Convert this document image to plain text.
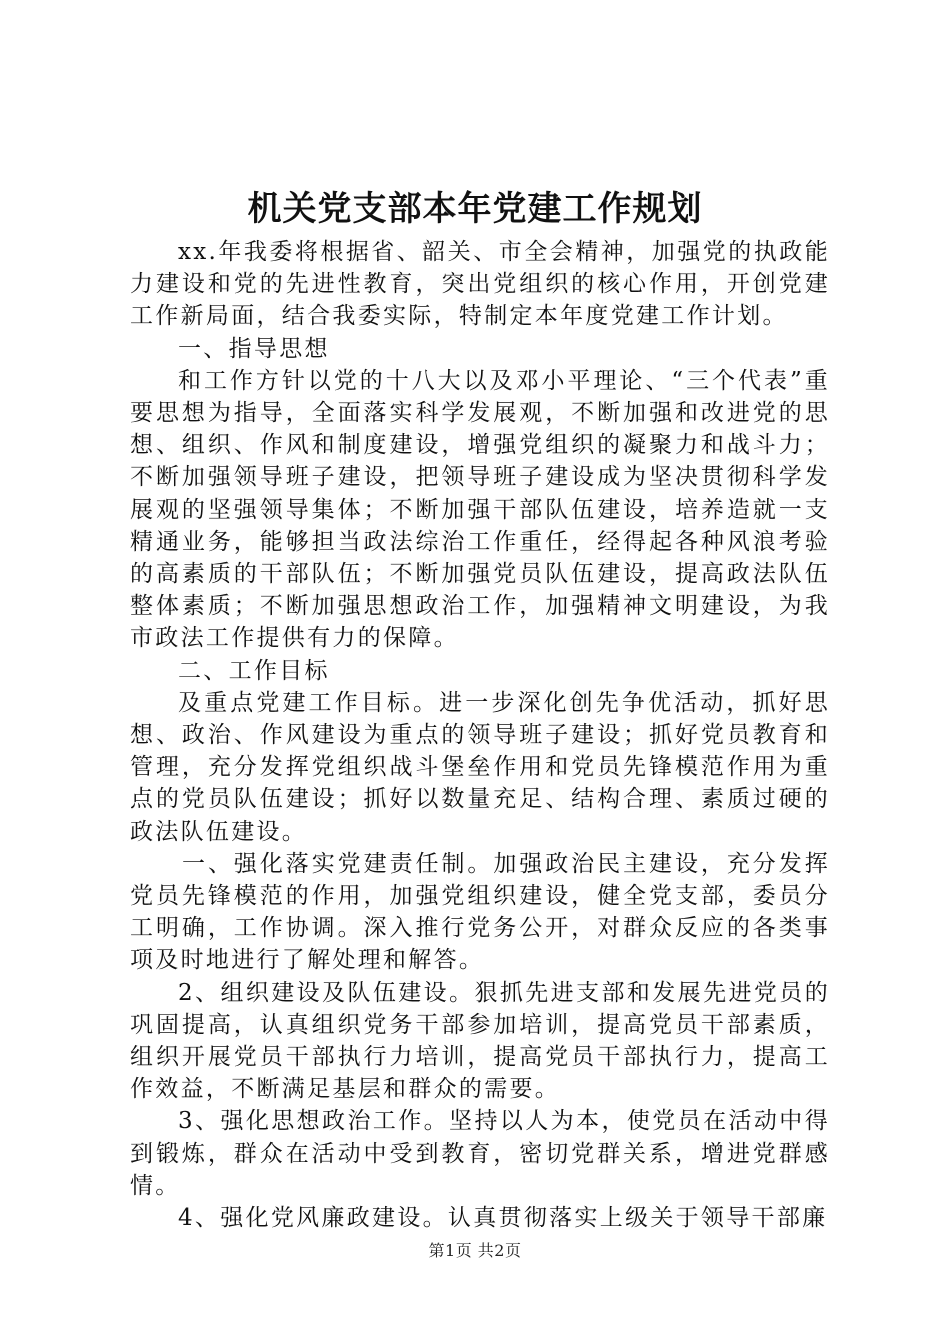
机关党支部本年党建工作规划

xx.年我委将根据省、韶关、市全会精神，加强党的执政能力建设和党的先进性教育，突出党组织的核心作用，开创党建工作新局面，结合我委实际，特制定本年度党建工作计划。

一、指导思想

和工作方针以党的十八大以及邓小平理论、“三个代表”重要思想为指导，全面落实科学发展观，不断加强和改进党的思想、组织、作风和制度建设，增强党组织的凝聚力和战斗力；不断加强领导班子建设，把领导班子建设成为坚决贯彻科学发展观的坚强领导集体；不断加强干部队伍建设，培养造就一支精通业务，能够担当政法综治工作重任，经得起各种风浪考验的高素质的干部队伍；不断加强党员队伍建设，提高政法队伍整体素质；不断加强思想政治工作，加强精神文明建设，为我市政法工作提供有力的保障。

二、工作目标

及重点党建工作目标。进一步深化创先争优活动，抓好思想、政治、作风建设为重点的领导班子建设；抓好党员教育和管理，充分发挥党组织战斗堡垒作用和党员先锋模范作用为重点的党员队伍建设；抓好以数量充足、结构合理、素质过硬的政法队伍建设。

一、强化落实党建责任制。加强政治民主建设，充分发挥党员先锋模范的作用，加强党组织建设，健全党支部，委员分工明确，工作协调。深入推行党务公开，对群众反应的各类事项及时地进行了解处理和解答。

2、组织建设及队伍建设。狠抓先进支部和发展先进党员的巩固提高，认真组织党务干部参加培训，提高党员干部素质，组织开展党员干部执行力培训，提高党员干部执行力，提高工作效益，不断满足基层和群众的需要。

3、强化思想政治工作。坚持以人为本，使党员在活动中得到锻炼，群众在活动中受到教育，密切党群关系，增进党群感情。

4、强化党风廉政建设。认真贯彻落实上级关于领导干部廉

第1页 共2页
